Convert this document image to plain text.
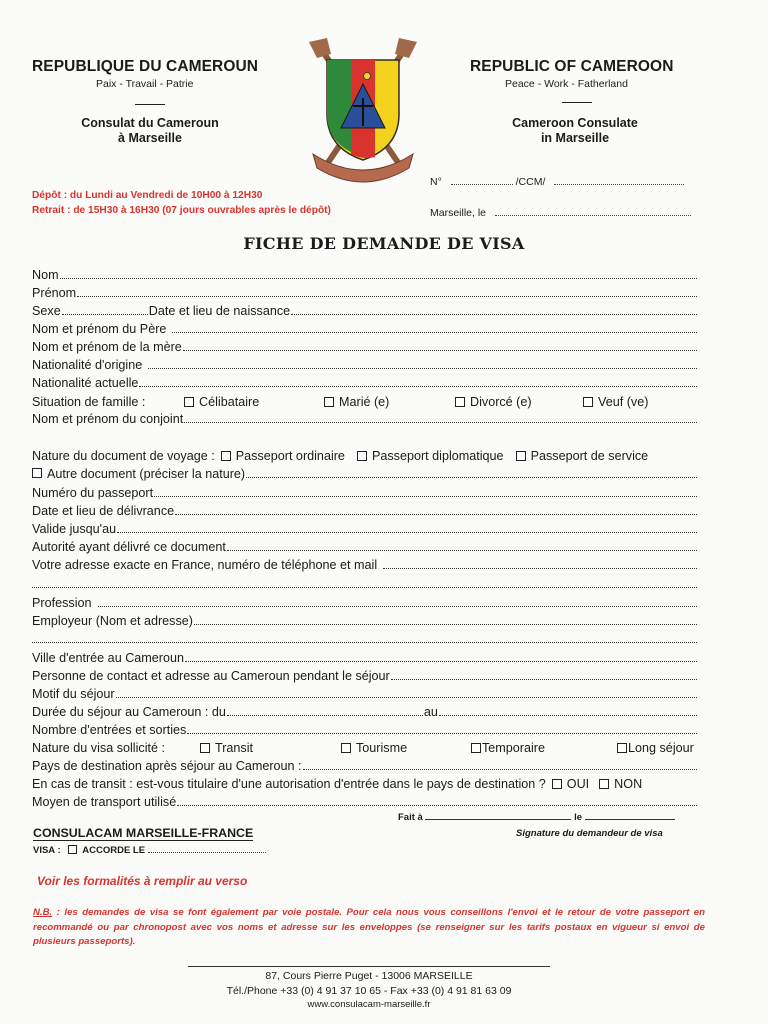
REPUBLIQUE DU CAMEROUN
Paix - Travail - Patrie
Consulat du Cameroun
à Marseille
REPUBLIC OF CAMEROON
Peace - Work - Fatherland
Cameroon Consulate
in Marseille
Dépôt : du Lundi au Vendredi de 10H00 à 12H30
Retrait : de 15H30 à 16H30 (07 jours ouvrables après le dépôt)
N°	/CCM/
Marseille, le
FICHE DE DEMANDE DE VISA
Nom
Prénom
Sexe	Date et lieu de naissance
Nom et prénom du Père
Nom et prénom de la mère
Nationalité d'origine
Nationalité actuelle
Situation de famille :	Célibataire	Marié (e)	Divorcé (e)	Veuf (ve)
Nom et prénom du conjoint
Nature du document de voyage :	Passeport ordinaire	Passeport diplomatique	Passeport de service
Autre document (préciser la nature)
Numéro du passeport
Date et lieu de délivrance
Valide jusqu'au
Autorité ayant délivré ce document
Votre adresse exacte en France, numéro de téléphone et mail
Profession
Employeur (Nom et adresse)
Ville d'entrée au Cameroun
Personne de contact et adresse au Cameroun pendant le séjour
Motif du séjour
Durée du séjour au Cameroun : du	au
Nombre d'entrées et sorties
Nature du visa sollicité :	Transit	Tourisme	Temporaire	Long séjour
Pays de destination après séjour au Cameroun :
En cas de transit : est-vous titulaire d'une autorisation d'entrée dans le pays de destination ?	OUI	NON
Moyen de transport utilisé
Fait à	le
Signature du demandeur de visa
CONSULACAM MARSEILLE-FRANCE
VISA : ACCORDE LE
Voir les formalités à remplir au verso
N.B. : les demandes de visa se font également par voie postale. Pour cela nous vous conseillons l'envoi et le retour de votre passeport en recommandé ou par chronopost avec vos noms et adresse sur les enveloppes (se renseigner sur les tarifs postaux en vigueur si envoi de plusieurs passeports).
87, Cours Pierre Puget - 13006 MARSEILLE
Tél./Phone +33 (0) 4 91 37 10 65 - Fax +33 (0) 4 91 81 63 09
www.consulacam-marseille.fr
